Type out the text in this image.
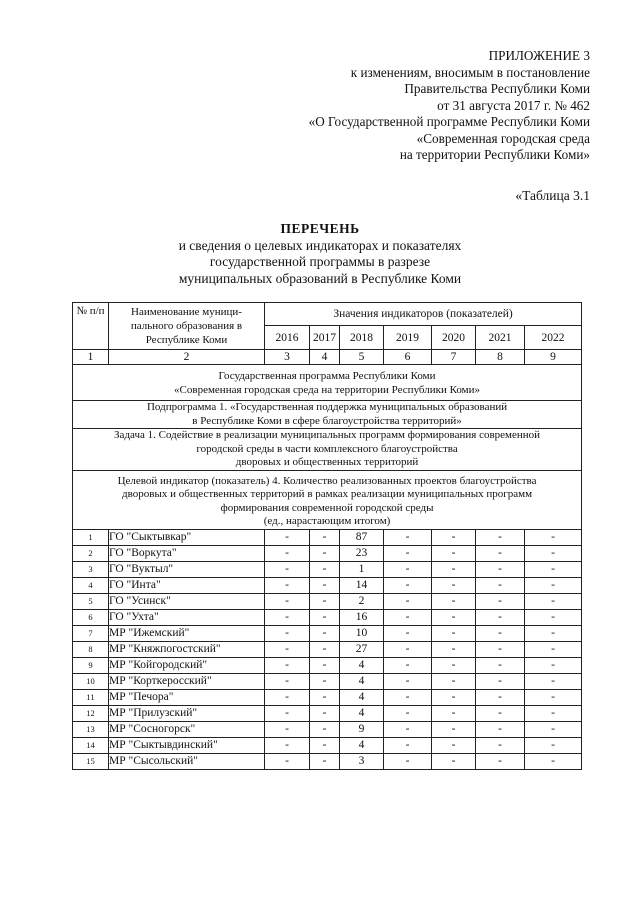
ПРИЛОЖЕНИЕ 3
к изменениям, вносимым в постановление
Правительства Республики Коми
от 31 августа 2017 г. № 462
«О Государственной программе Республики Коми
«Современная городская среда
на территории Республики Коми»
«Таблица 3.1
ПЕРЕЧЕНЬ
и сведения о целевых индикаторах и показателях
государственной программы в разрезе
муниципальных образований в Республике Коми
№ п/п	Наименование муници-пального образования в Республике Коми	Значения индикаторов (показателей)						
		2016	2017	2018	2019	2020	2021	2022
1	2	3	4	5	6	7	8	9

Государственная программа Республики Коми
«Современная городская среда на территории Республики Коми»								

Подпрограмма 1. «Государственная поддержка муниципальных образований
в Республике Коми в сфере благоустройства территорий»								

Задача 1. Содействие в реализации муниципальных программ формирования современной
городской среды в части комплексного благоустройства
дворовых и общественных территорий								

Целевой индикатор (показатель) 4. Количество реализованных проектов благоустройства
дворовых и общественных территорий в рамках реализации муниципальных программ
формирования современной городской среды
(ед., нарастающим итогом)								

1	ГО "Сыктывкар"	-	-	87	-	-	-	-
2	ГО "Воркута"	-	-	23	-	-	-	-
3	ГО "Вуктыл"	-	-	1	-	-	-	-
4	ГО "Инта"	-	-	14	-	-	-	-
5	ГО "Усинск"	-	-	2	-	-	-	-
6	ГО "Ухта"	-	-	16	-	-	-	-
7	МР "Ижемский"	-	-	10	-	-	-	-
8	МР "Княжпогостский"	-	-	27	-	-	-	-
9	МР "Койгородский"	-	-	4	-	-	-	-
10	МР "Корткеросский"	-	-	4	-	-	-	-
11	МР "Печора"	-	-	4	-	-	-	-
12	МР "Прилузский"	-	-	4	-	-	-	-
13	МР "Сосногорск"	-	-	9	-	-	-	-
14	МР "Сыктывдинский"	-	-	4	-	-	-	-
15	МР "Сысольский"	-	-	3	-	-	-	-
